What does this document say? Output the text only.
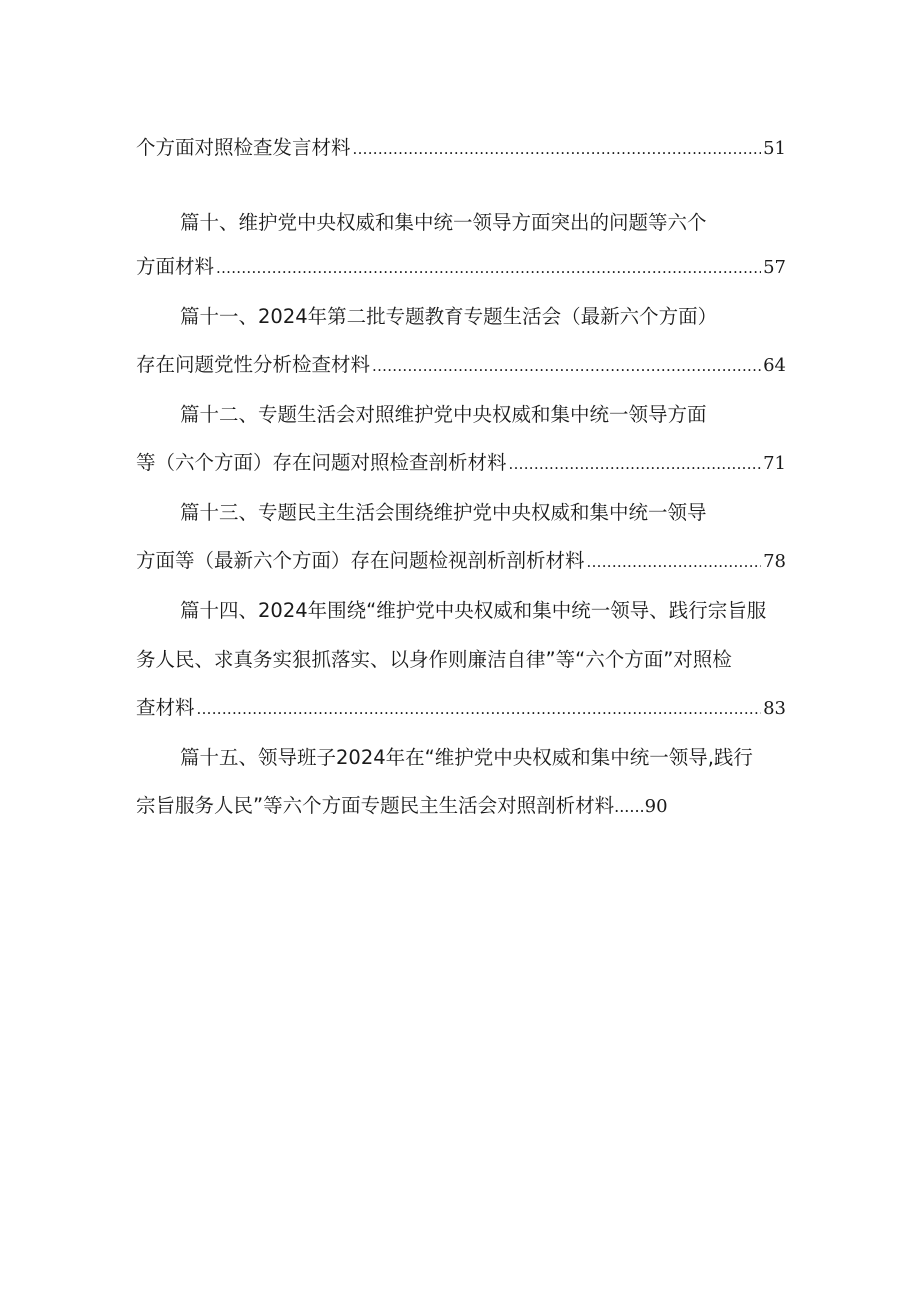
个方面对照检查发言材料 .....	51
篇十、维护党中央权威和集中统一领导方面突出的问题等六个
方面材料 .....	57
篇十一、2024年第二批专题教育专题生活会（最新六个方面）
存在问题党性分析检查材料 .....	64
篇十二、专题生活会对照维护党中央权威和集中统一领导方面
等（六个方面）存在问题对照检查剖析材料 .....	71
篇十三、专题民主生活会围绕维护党中央权威和集中统一领导
方面等（最新六个方面）存在问题检视剖析剖析材料 .....	78
篇十四、2024年围绕“维护党中央权威和集中统一领导、践行宗旨服
务人民、求真务实狠抓落实、以身作则廉洁自律”等“六个方面”对照检
查材料 .....	83
篇十五、领导班子2024年在“维护党中央权威和集中统一领导,践行
宗旨服务人民”等六个方面专题民主生活会对照剖析材料 ...... 90
